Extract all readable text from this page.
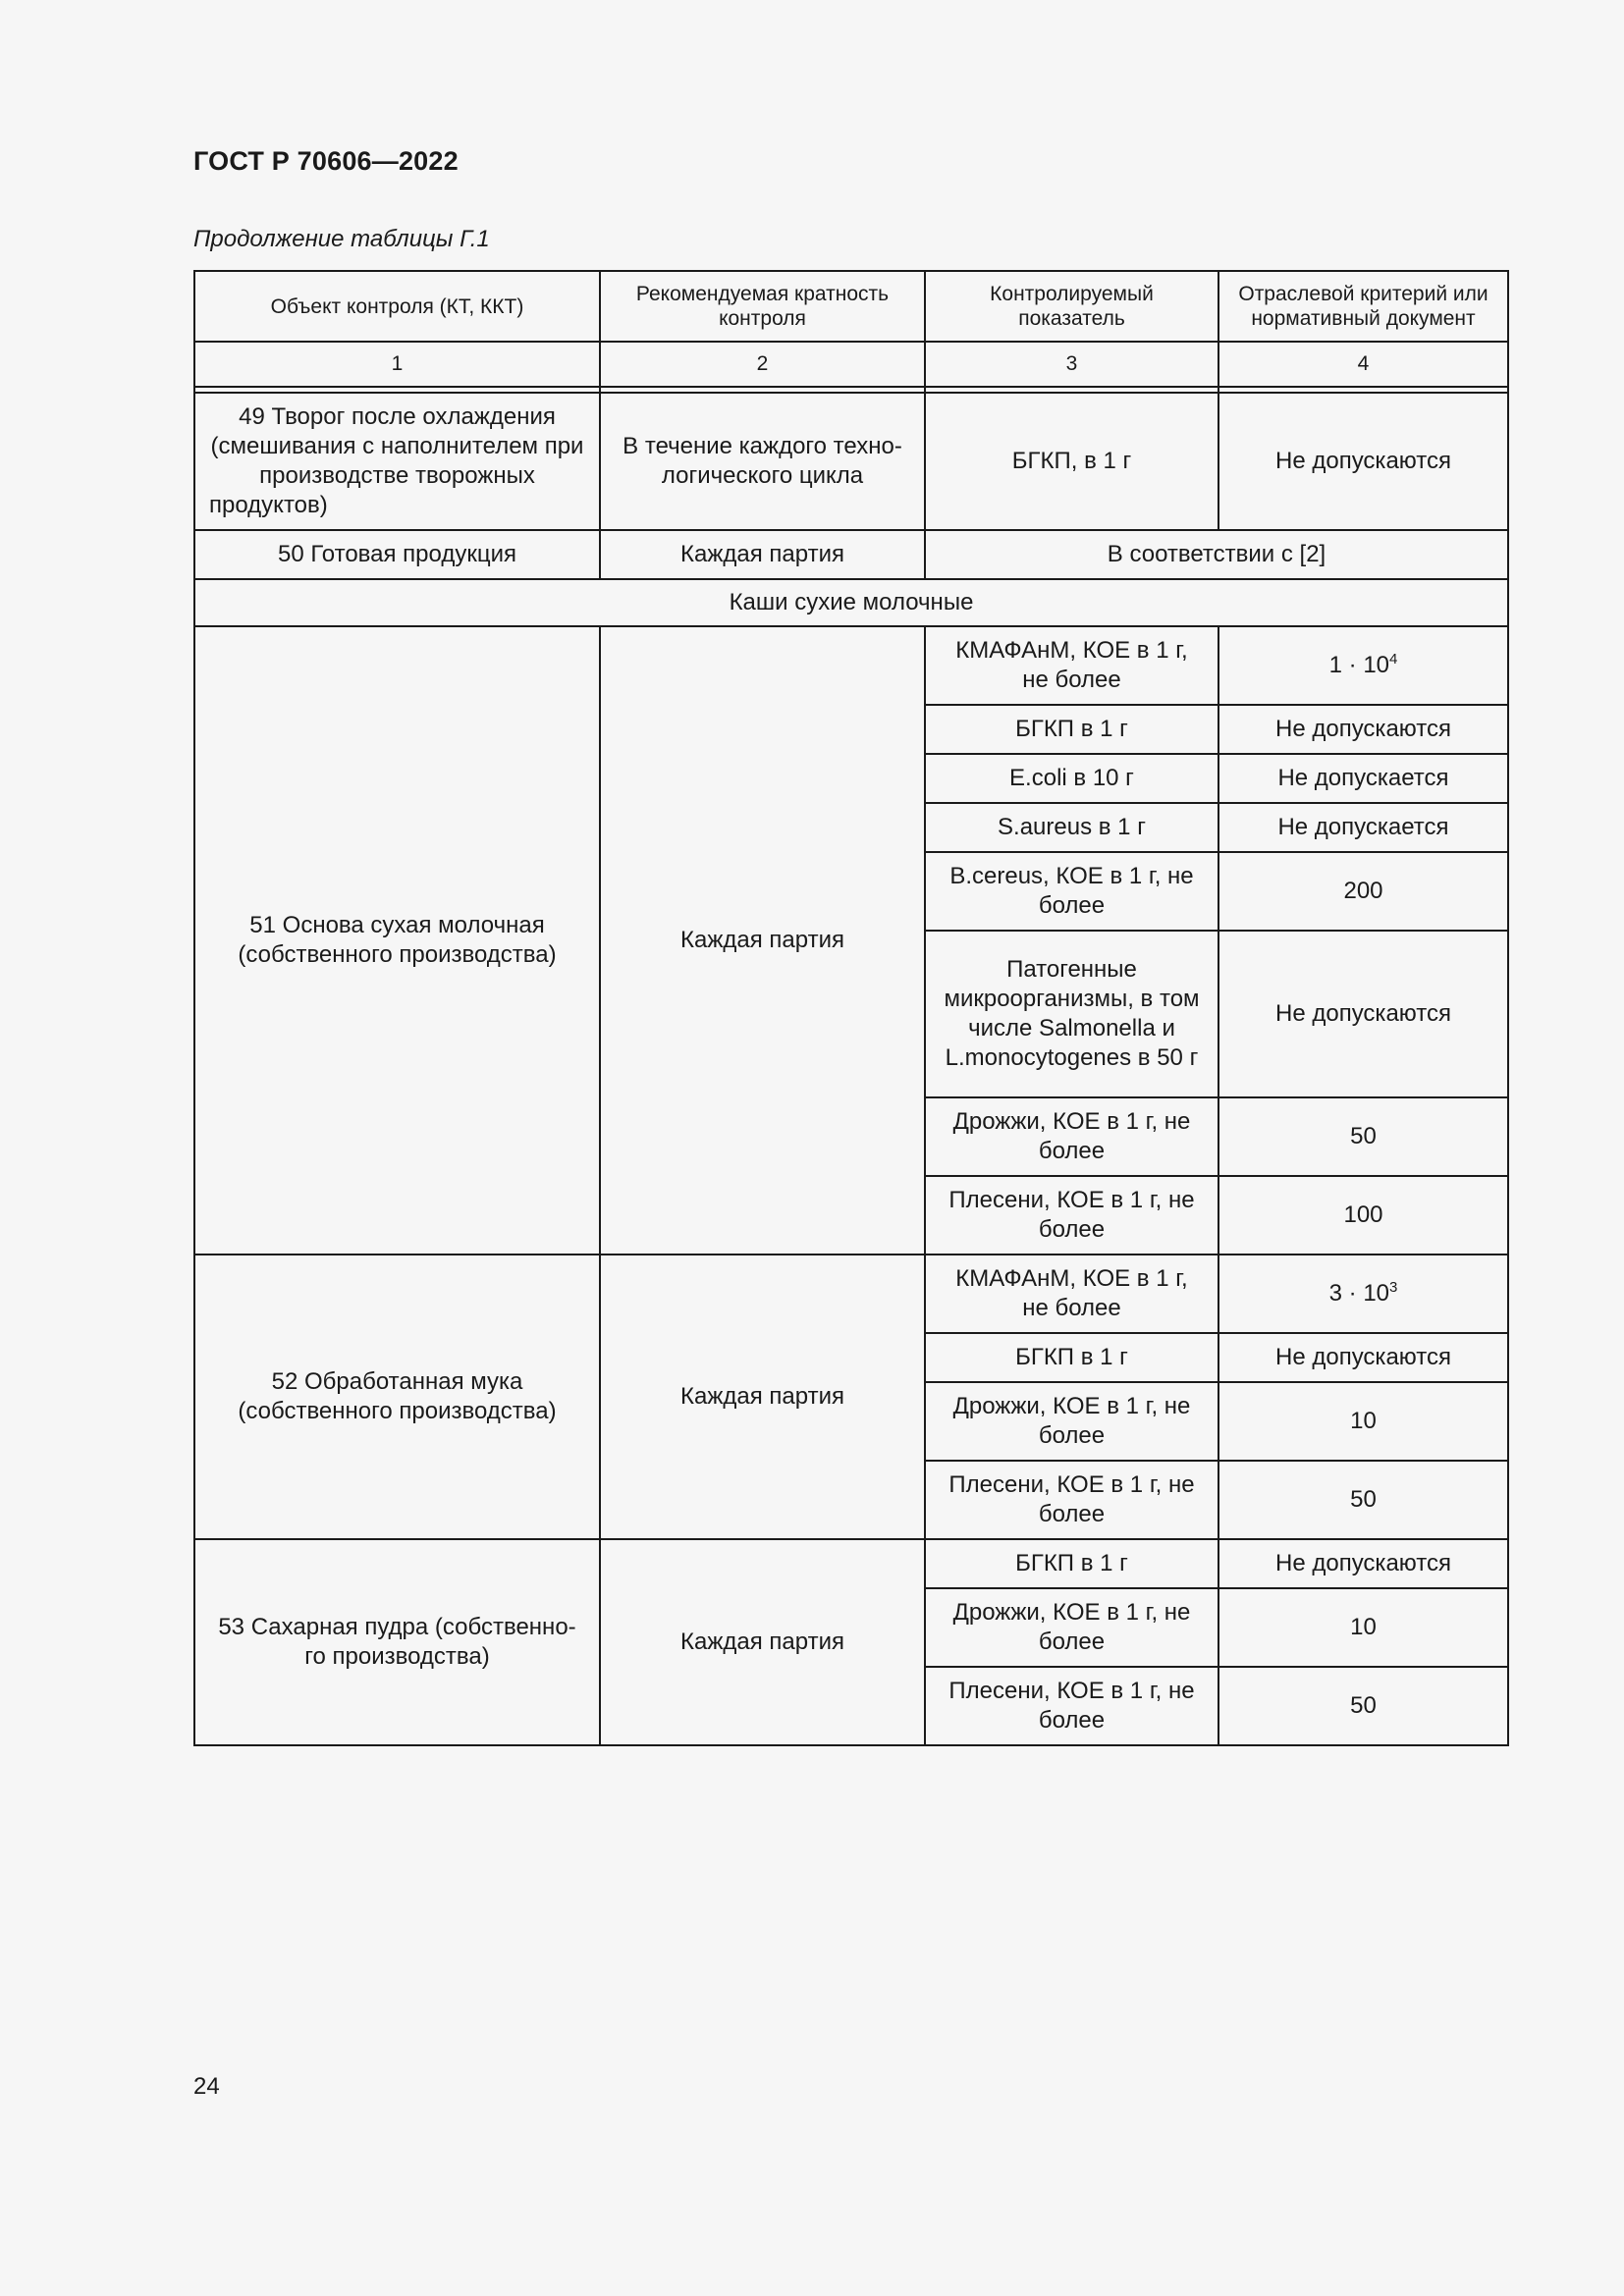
ГОСТ Р 70606—2022
Продолжение таблицы Г.1
Объект контроля (КТ, ККТ)	Рекомендуемая кратность контроля	Контролируемый показатель	Отраслевой критерий или нормативный документ
1	2	3	4

49 Творог после охлаждения (смешивания с наполнителем при производстве творожных продуктов)	В течение каждого техно-логического цикла	БГКП, в 1 г	Не допускаются
50 Готовая продукция	Каждая партия	В соответствии с [2]	
Каши сухие молочные			
51 Основа сухая молочная (собственного производства)	Каждая партия	КМАФАнМ, КОЕ в 1 г, не более	$1 \cdot 10^4$
		БГКП в 1 г	Не допускаются
		E.coli в 10 г	Не допускается
		S.aureus в 1 г	Не допускается
		B.cereus, КОЕ в 1 г, не более	200
		Патогенные микроорганизмы, в том числе Salmonella и L.monocytogenes в 50 г	Не допускаются
		Дрожжи, КОЕ в 1 г, не более	50
		Плесени, КОЕ в 1 г, не более	100
52 Обработанная мука (собственного производства)	Каждая партия	КМАФАнМ, КОЕ в 1 г, не более	$3 \cdot 10^3$
		БГКП в 1 г	Не допускаются
		Дрожжи, КОЕ в 1 г, не более	10
		Плесени, КОЕ в 1 г, не более	50
53 Сахарная пудра (собственно-го производства)	Каждая партия	БГКП в 1 г	Не допускаются
		Дрожжи, КОЕ в 1 г, не более	10
		Плесени, КОЕ в 1 г, не более	50
24
